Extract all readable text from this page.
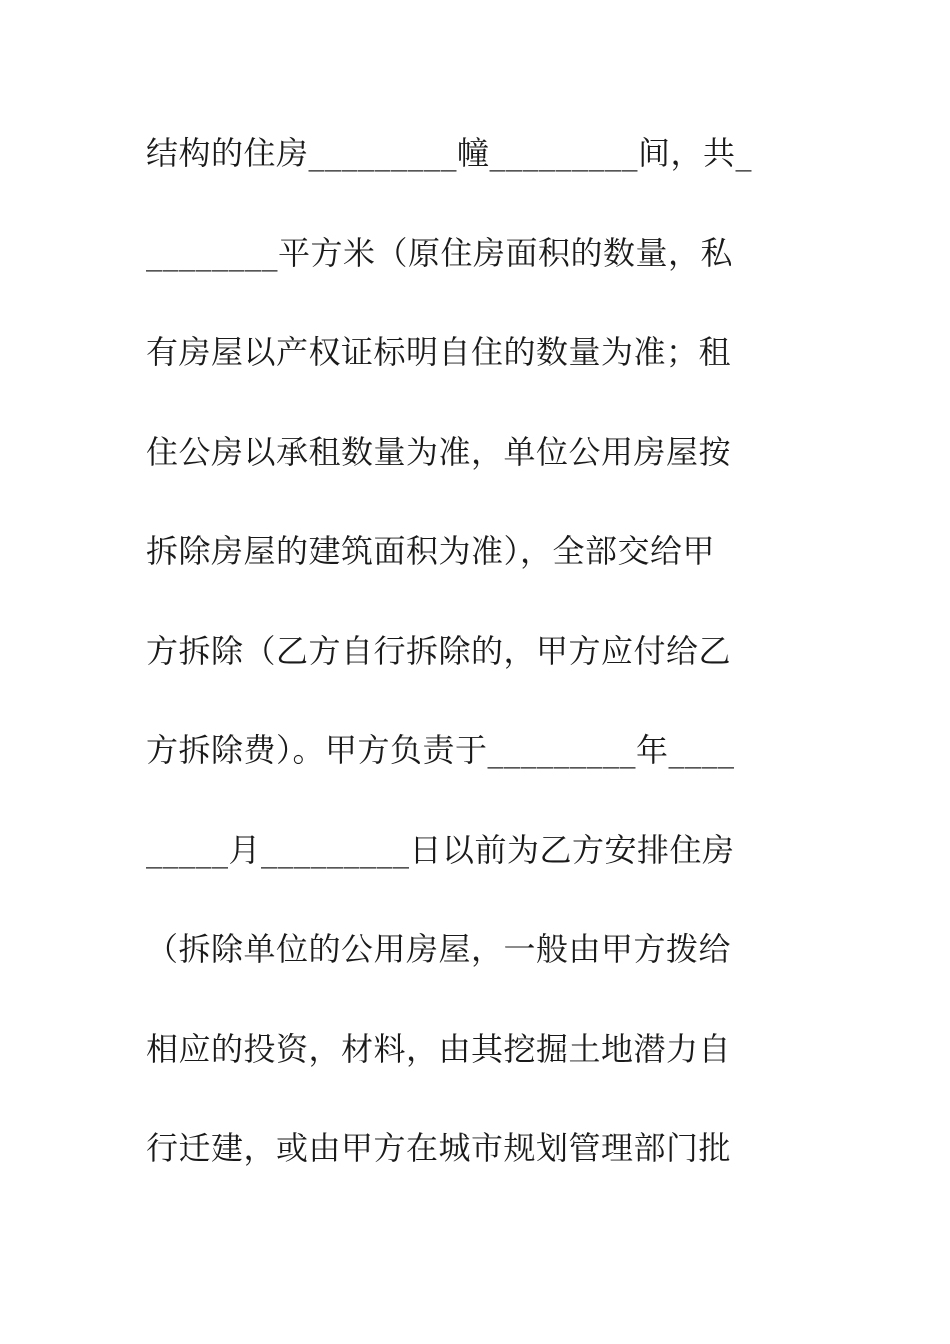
结构的住房_________幢_________间，共_
________平方米（原住房面积的数量，私
有房屋以产权证标明自住的数量为准；租
住公房以承租数量为准，单位公用房屋按
拆除房屋的建筑面积为准），全部交给甲
方拆除（乙方自行拆除的，甲方应付给乙
方拆除费）。甲方负责于_________年____
_____月_________日以前为乙方安排住房
（拆除单位的公用房屋，一般由甲方拨给
相应的投资，材料，由其挖掘土地潜力自
行迁建，或由甲方在城市规划管理部门批
